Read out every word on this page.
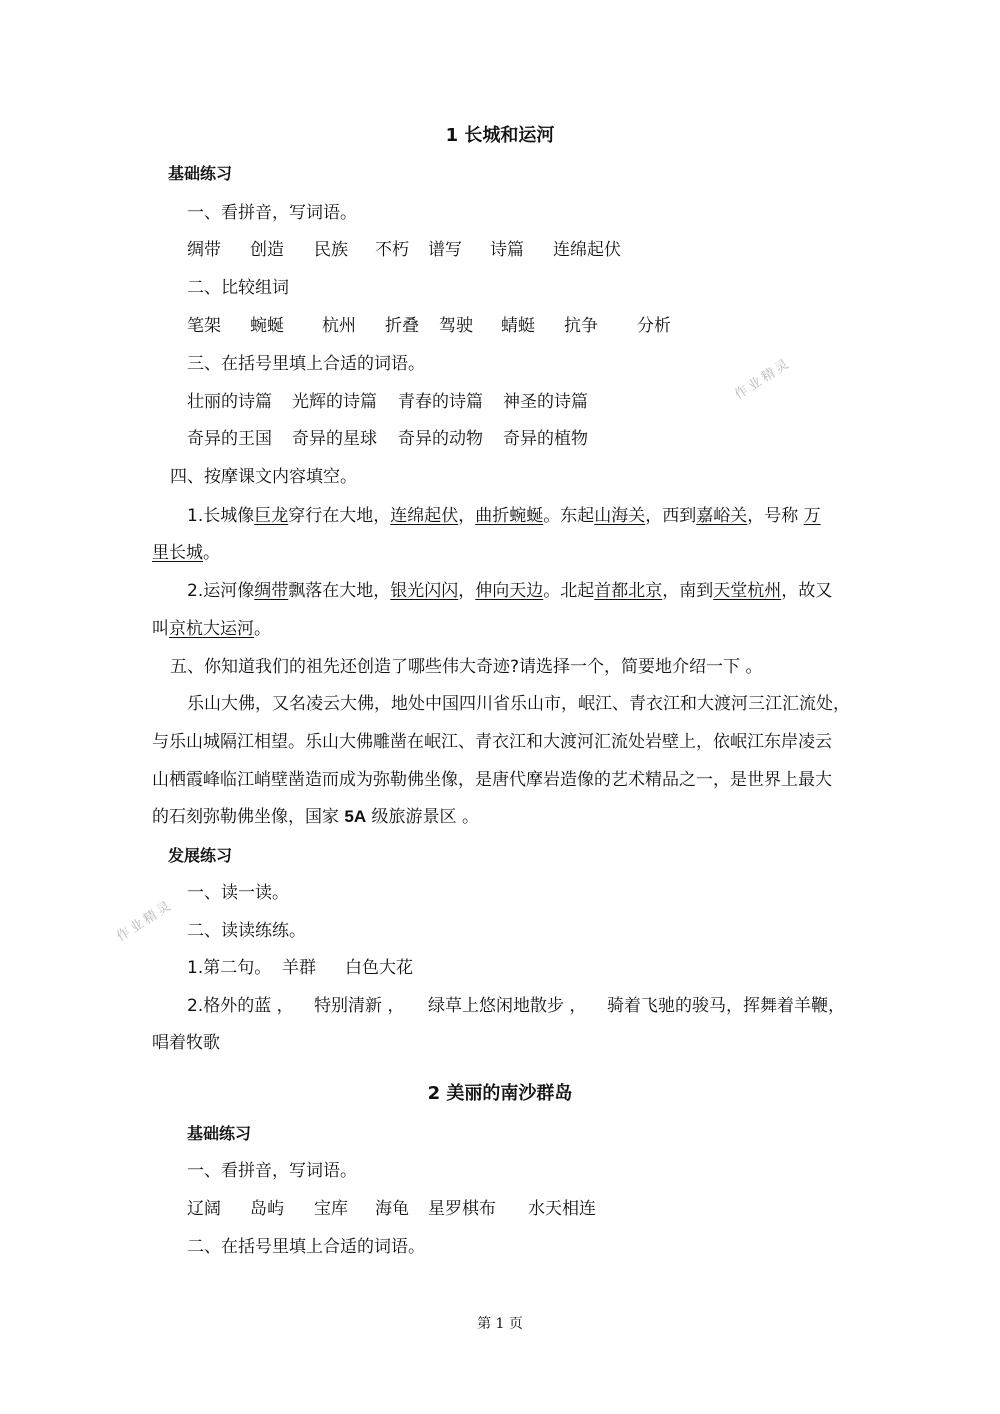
1 长城和运河
基础练习
一、看拼音，写词语。
绸带 创造 民族 不朽 谱写 诗篇 连绵起伏
二、比较组词
笔架 蜿蜒 杭州 折叠 驾驶 蜻蜓 抗争 分析
三、在括号里填上合适的词语。
壮丽的诗篇 光辉的诗篇 青春的诗篇 神圣的诗篇
奇异的王国 奇异的星球 奇异的动物 奇异的植物
四、按摩课文内容填空。
1.长城像巨龙穿行在大地，连绵起伏，曲折蜿蜒。东起山海关，西到嘉峪关，号称 万
里长城。
2.运河像绸带飘落在大地，银光闪闪，伸向天边。北起首都北京，南到天堂杭州，故又
叫京杭大运河。
五、你知道我们的祖先还创造了哪些伟大奇迹?请选择一个，简要地介绍一下 。
乐山大佛，又名凌云大佛，地处中国四川省乐山市，岷江、青衣江和大渡河三江汇流处，
与乐山城隔江相望。乐山大佛雕凿在岷江、青衣江和大渡河汇流处岩壁上，依岷江东岸凌云
山栖霞峰临江峭壁凿造而成为弥勒佛坐像，是唐代摩岩造像的艺术精品之一，是世界上最大
的石刻弥勒佛坐像，国家 5A 级旅游景区 。
发展练习
一、读一读。
二、读读练练。
1.第二句。 羊群 白色大花
2.格外的蓝 ， 特别清新 ， 绿草上悠闲地散步 ， 骑着飞驰的骏马，挥舞着羊鞭，
唱着牧歌
2 美丽的南沙群岛
基础练习
一、看拼音，写词语。
辽阔 岛屿 宝库 海龟 星罗棋布 水天相连
二、在括号里填上合适的词语。
作业精灵
作业精灵
第 1 页
